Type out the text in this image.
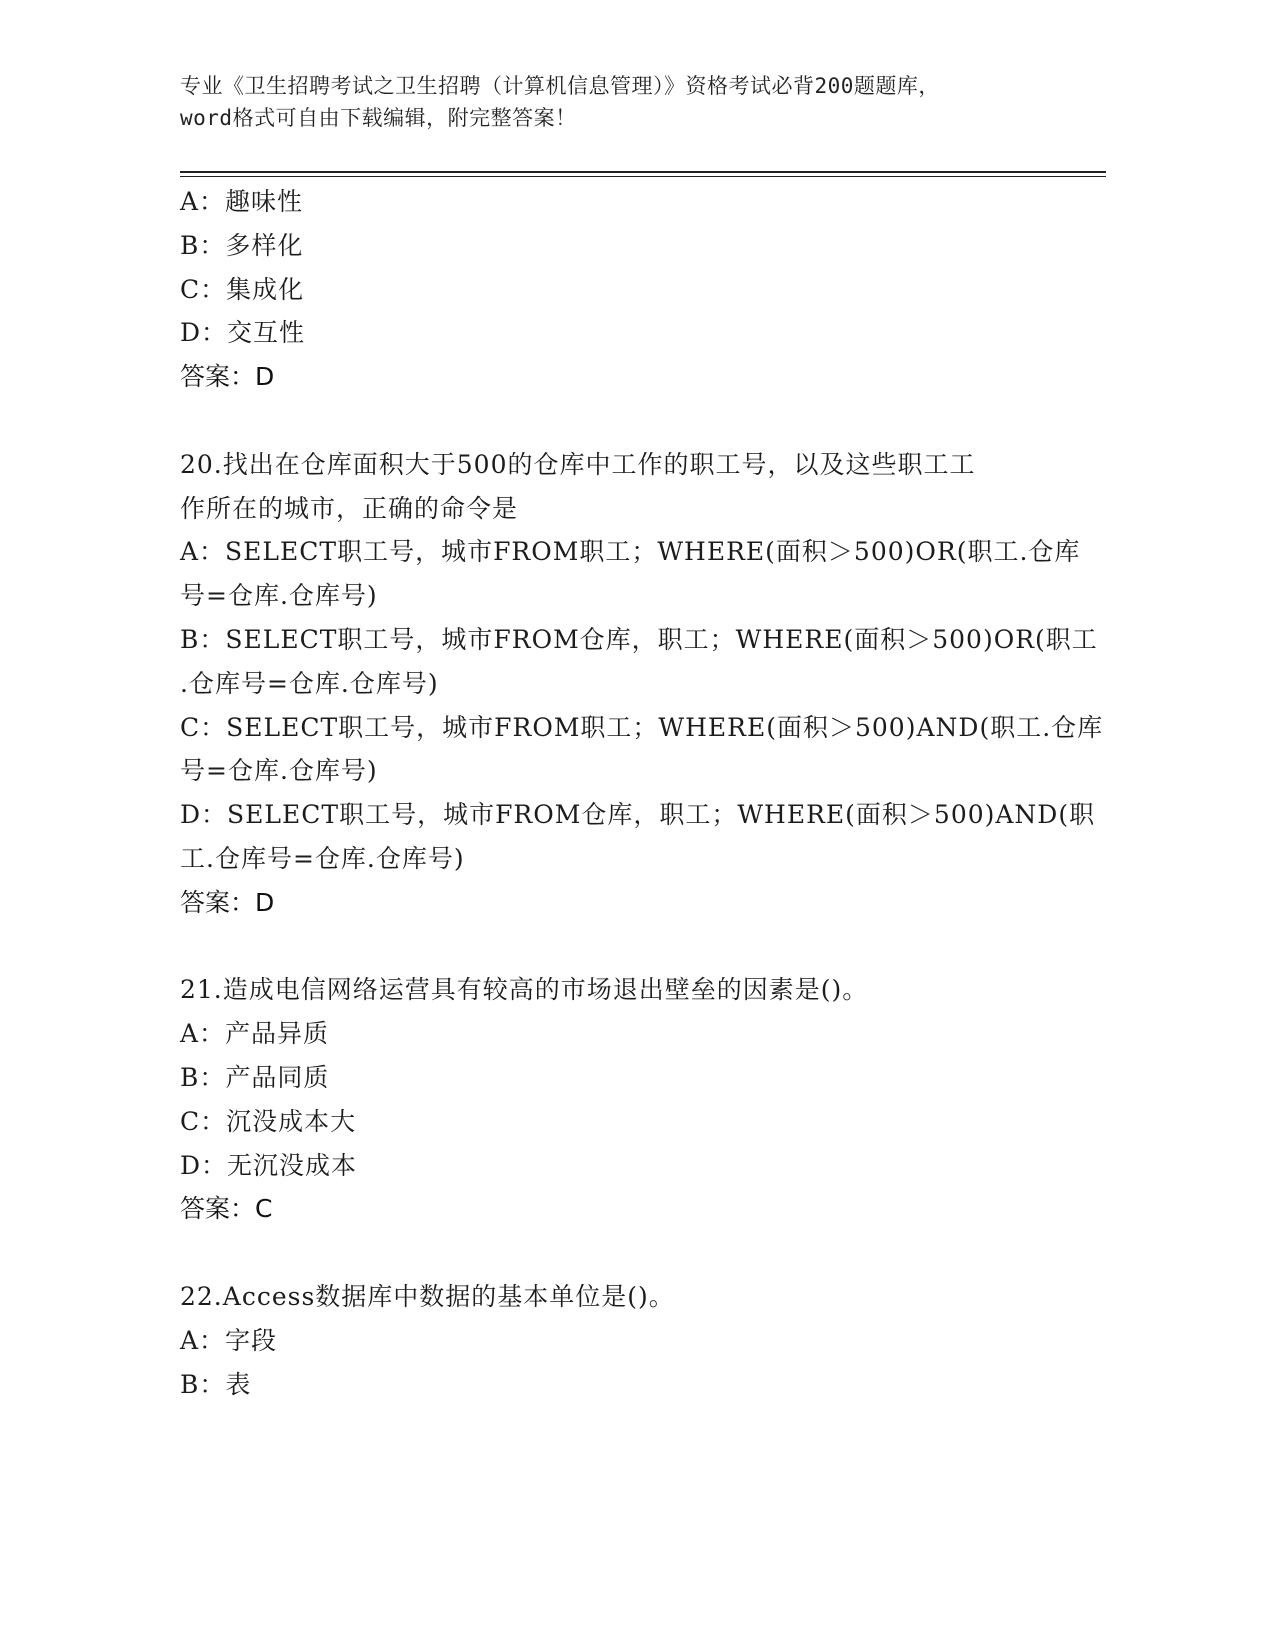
专业《卫生招聘考试之卫生招聘（计算机信息管理）》资格考试必背200题题库，
word格式可自由下载编辑，附完整答案！
A：趣味性
B：多样化
C：集成化
D：交互性
答案：D
20.找出在仓库面积大于500的仓库中工作的职工号，以及这些职工工
作所在的城市，正确的命令是
A：SELECT职工号，城市FROM职工；WHERE(面积＞500)OR(职工.仓库
号=仓库.仓库号)
B：SELECT职工号，城市FROM仓库，职工；WHERE(面积＞500)OR(职工
.仓库号=仓库.仓库号)
C：SELECT职工号，城市FROM职工；WHERE(面积＞500)AND(职工.仓库
号=仓库.仓库号)
D：SELECT职工号，城市FROM仓库，职工；WHERE(面积＞500)AND(职
工.仓库号=仓库.仓库号)
答案：D
21.造成电信网络运营具有较高的市场退出壁垒的因素是()。
A：产品异质
B：产品同质
C：沉没成本大
D：无沉没成本
答案：C
22.Access数据库中数据的基本单位是()。
A：字段
B：表
